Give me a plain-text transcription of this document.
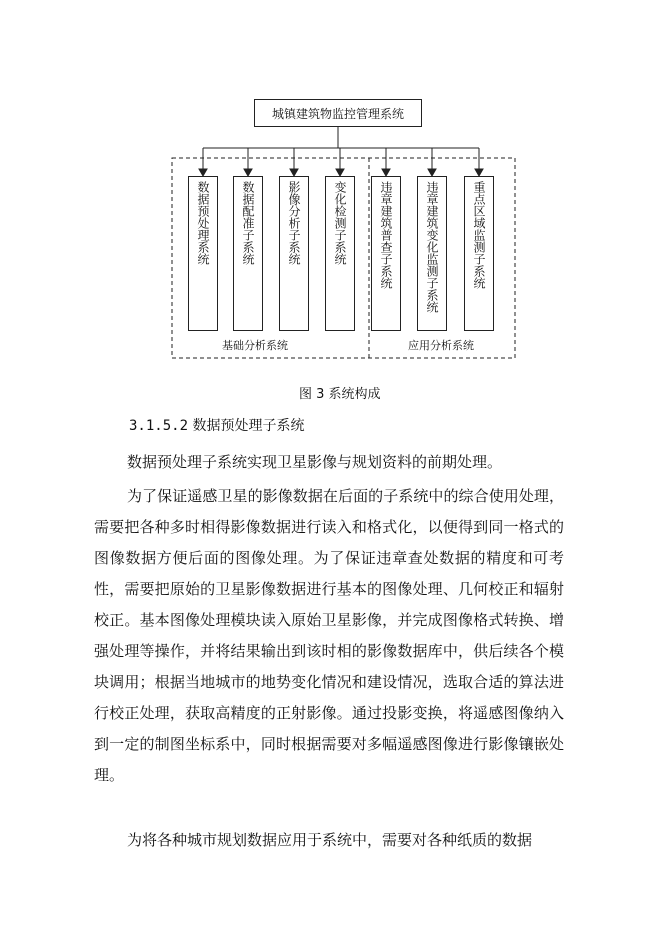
城镇建筑物监控管理系统
数据预处理系统	数据配准子系统	影像分析子系统	变化检测子系统	违章建筑普查子系统	违章建筑变化监测子系统	重点区域监测子系统
基础分析系统	应用分析系统
图 3 系统构成
3.1.5.2 数据预处理子系统

数据预处理子系统实现卫星影像与规划资料的前期处理。

为了保证遥感卫星的影像数据在后面的子系统中的综合使用处理，需要把各种多时相得影像数据进行读入和格式化，以便得到同一格式的图像数据方便后面的图像处理。为了保证违章查处数据的精度和可考性，需要把原始的卫星影像数据进行基本的图像处理、几何校正和辐射校正。基本图像处理模块读入原始卫星影像，并完成图像格式转换、增强处理等操作，并将结果输出到该时相的影像数据库中，供后续各个模块调用；根据当地城市的地势变化情况和建设情况，选取合适的算法进行校正处理，获取高精度的正射影像。通过投影变换，将遥感图像纳入到一定的制图坐标系中，同时根据需要对多幅遥感图像进行影像镶嵌处理。

为将各种城市规划数据应用于系统中，需要对各种纸质的数据
